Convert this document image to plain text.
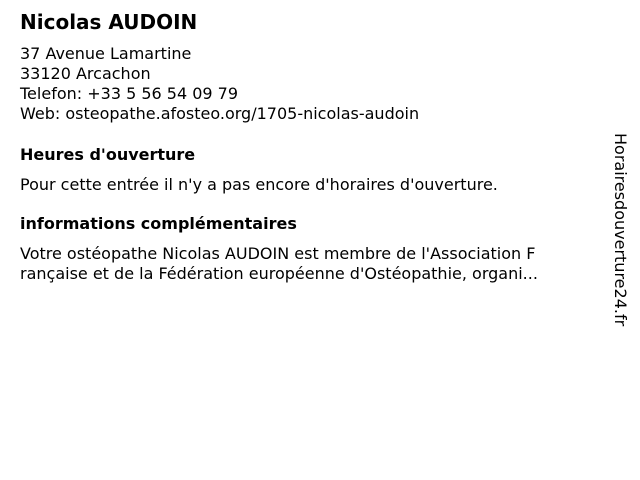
Nicolas AUDOIN
37 Avenue Lamartine
33120 Arcachon
Telefon: +33 5 56 54 09 79
Web: osteopathe.afosteo.org/1705-nicolas-audoin
Heures d'ouverture
Pour cette entrée il n'y a pas encore d'horaires d'ouverture.
informations complémentaires
Votre ostéopathe Nicolas AUDOIN est membre de l'Association F
rançaise et de la Fédération européenne d'Ostéopathie, organi...	Horairesdouverture24.fr
